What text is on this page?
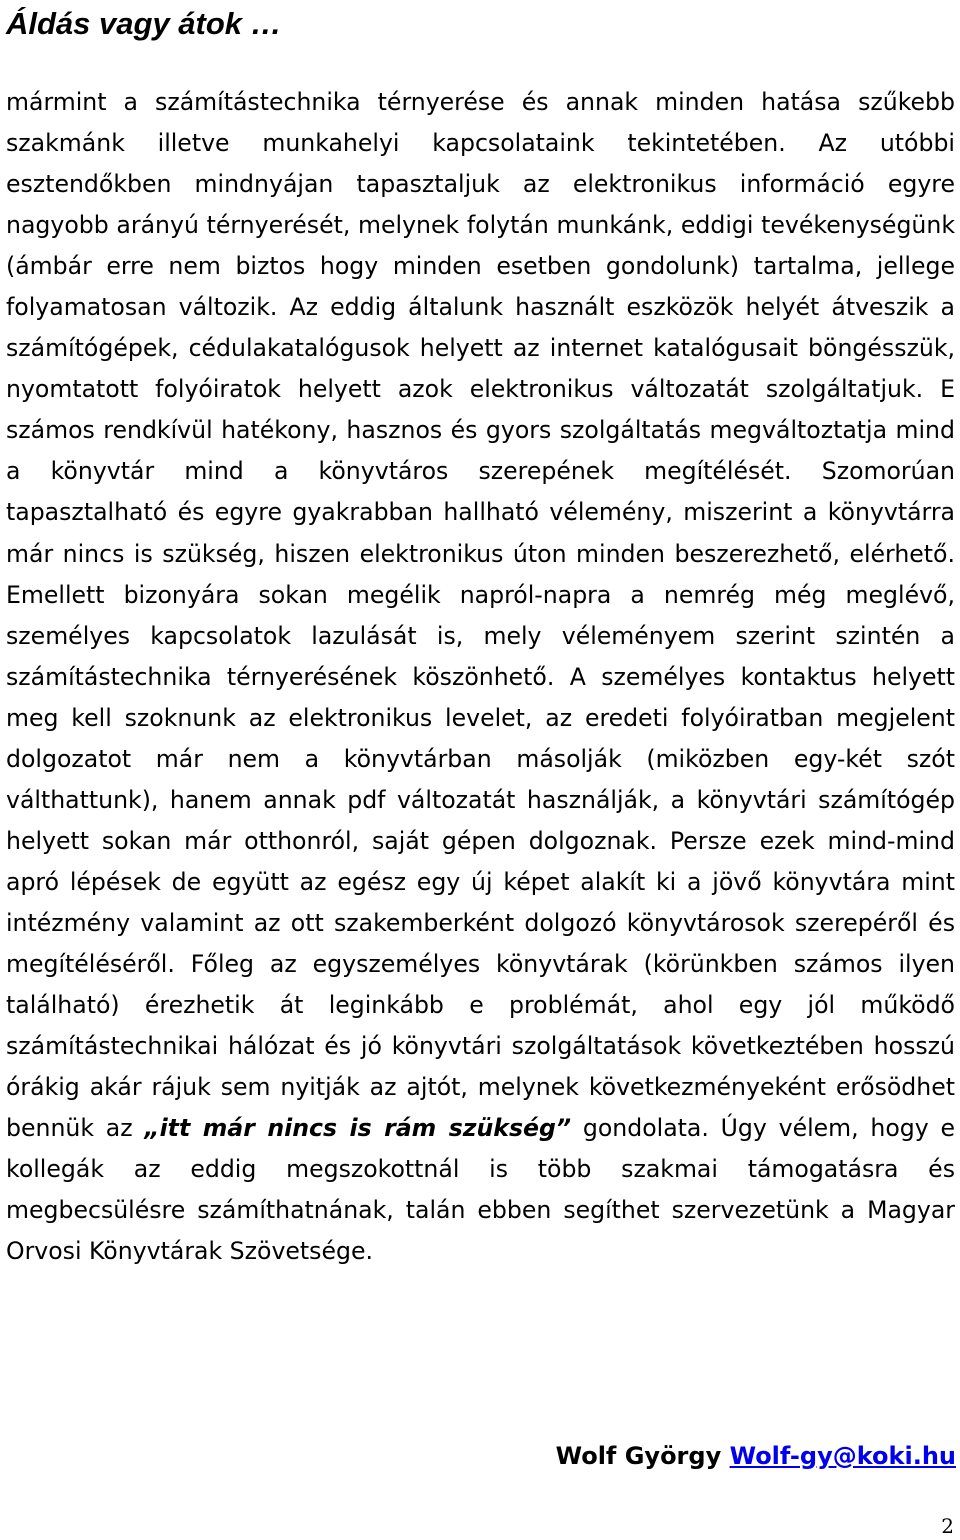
Áldás vagy átok …

mármint a számítástechnika térnyerése és annak minden hatása szűkebb szakmánk illetve munkahelyi kapcsolataink tekintetében. Az utóbbi esztendőkben mindnyájan tapasztaljuk az elektronikus információ egyre nagyobb arányú térnyerését, melynek folytán munkánk, eddigi tevékenységünk (ámbár erre nem biztos hogy minden esetben gondolunk) tartalma, jellege folyamatosan változik. Az eddig általunk használt eszközök helyét átveszik a számítógépek, cédulakatalógusok helyett az internet katalógusait böngésszük, nyomtatott folyóiratok helyett azok elektronikus változatát szolgáltatjuk. E számos rendkívül hatékony, hasznos és gyors szolgáltatás megváltoztatja mind a könyvtár mind a könyvtáros szerepének megítélését. Szomorúan tapasztalható és egyre gyakrabban hallható vélemény, miszerint a könyvtárra már nincs is szükség, hiszen elektronikus úton minden beszerezhető, elérhető. Emellett bizonyára sokan megélik napról-napra a nemrég még meglévő, személyes kapcsolatok lazulását is, mely véleményem szerint szintén a számítástechnika térnyerésének köszönhető. A személyes kontaktus helyett meg kell szoknunk az elektronikus levelet, az eredeti folyóiratban megjelent dolgozatot már nem a könyvtárban másolják (miközben egy-két szót válthattunk), hanem annak pdf változatát használják, a könyvtári számítógép helyett sokan már otthonról, saját gépen dolgoznak. Persze ezek mind-mind apró lépések de együtt az egész egy új képet alakít ki a jövő könyvtára mint intézmény valamint az ott szakemberként dolgozó könyvtárosok szerepéről és megítéléséről. Főleg az egyszemélyes könyvtárak (körünkben számos ilyen található) érezhetik át leginkább e problémát, ahol egy jól működő számítástechnikai hálózat és jó könyvtári szolgáltatások következtében hosszú órákig akár rájuk sem nyitják az ajtót, melynek következményeként erősödhet bennük az „itt már nincs is rám szükség” gondolata. Úgy vélem, hogy e kollegák az eddig megszokottnál is több szakmai támogatásra és megbecsülésre számíthatnának, talán ebben segíthet szervezetünk a Magyar Orvosi Könyvtárak Szövetsége.

Wolf György Wolf-gy@koki.hu

2
